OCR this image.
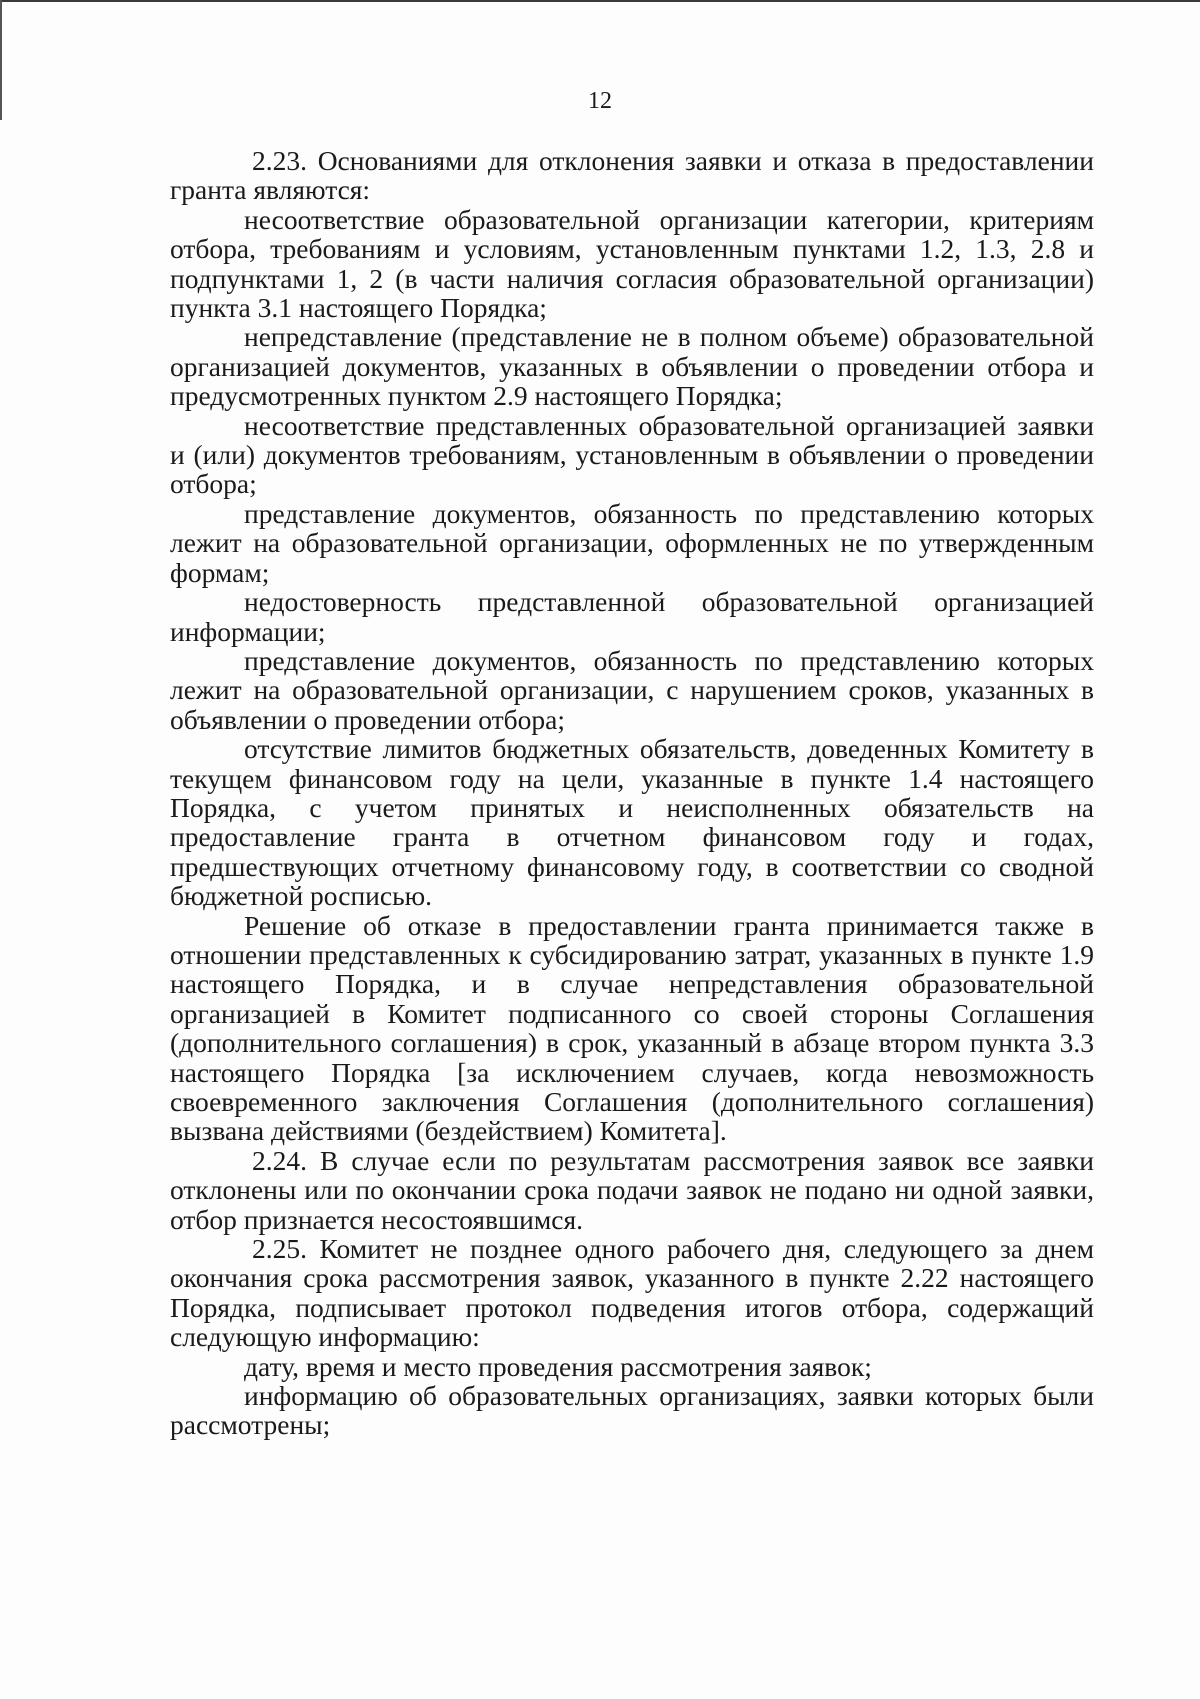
12

2.23. Основаниями для отклонения заявки и отказа в предоставлении гранта являются:

несоответствие образовательной организации категории, критериям отбора, требованиям и условиям, установленным пунктами 1.2, 1.3, 2.8 и подпунктами 1, 2 (в части наличия согласия образовательной организации) пункта 3.1 настоящего Порядка;

непредставление (представление не в полном объеме) образовательной организацией документов, указанных в объявлении о проведении отбора и предусмотренных пунктом 2.9 настоящего Порядка;

несоответствие представленных образовательной организацией заявки и (или) документов требованиям, установленным в объявлении о проведении отбора;

представление документов, обязанность по представлению которых лежит на образовательной организации, оформленных не по утвержденным формам;

недостоверность представленной образовательной организацией информации;

представление документов, обязанность по представлению которых лежит на образовательной организации, с нарушением сроков, указанных в объявлении о проведении отбора;

отсутствие лимитов бюджетных обязательств, доведенных Комитету в текущем финансовом году на цели, указанные в пункте 1.4 настоящего Порядка, с учетом принятых и неисполненных обязательств на предоставление гранта в отчетном финансовом году и годах, предшествующих отчетному финансовому году, в соответствии со сводной бюджетной росписью.

Решение об отказе в предоставлении гранта принимается также в отношении представленных к субсидированию затрат, указанных в пункте 1.9 настоящего Порядка, и в случае непредставления образовательной организацией в Комитет подписанного со своей стороны Соглашения (дополнительного соглашения) в срок, указанный в абзаце втором пункта 3.3 настоящего Порядка [за исключением случаев, когда невозможность своевременного заключения Соглашения (дополнительного соглашения) вызвана действиями (бездействием) Комитета].

2.24. В случае если по результатам рассмотрения заявок все заявки отклонены или по окончании срока подачи заявок не подано ни одной заявки, отбор признается несостоявшимся.

2.25. Комитет не позднее одного рабочего дня, следующего за днем окончания срока рассмотрения заявок, указанного в пункте 2.22 настоящего Порядка, подписывает протокол подведения итогов отбора, содержащий следующую информацию:

дату, время и место проведения рассмотрения заявок;

информацию об образовательных организациях, заявки которых были рассмотрены;
